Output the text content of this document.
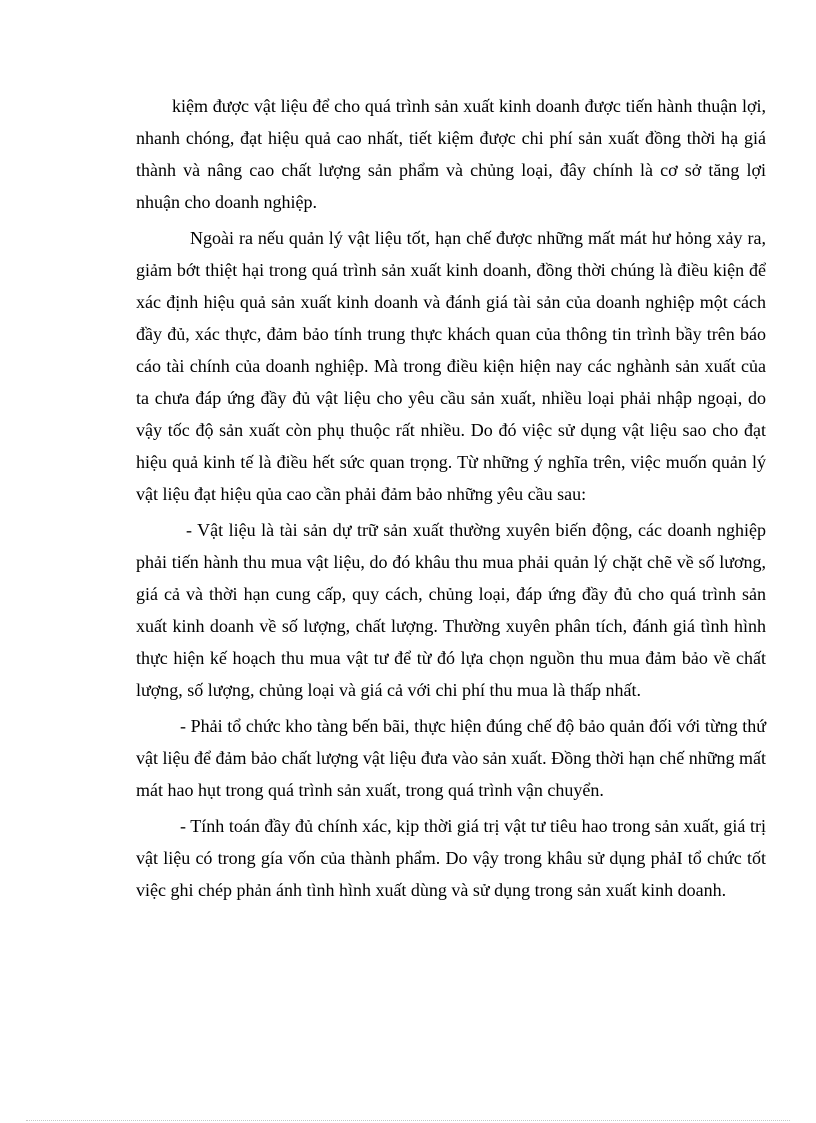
kiệm được vật liệu để cho quá trình sản xuất kinh doanh được tiến hành thuận lợi, nhanh chóng, đạt hiệu quả cao nhất, tiết kiệm được chi phí sản xuất đồng thời hạ giá thành và nâng cao chất lượng sản phẩm và chủng loại, đây chính là cơ sở tăng lợi nhuận cho doanh nghiệp.

Ngoài ra nếu quản lý vật liệu tốt, hạn chế được những mất mát hư hỏng xảy ra, giảm bớt thiệt hại trong quá trình sản xuất kinh doanh, đồng thời chúng là điều kiện để xác định hiệu quả sản xuất kinh doanh và đánh giá tài sản của doanh nghiệp một cách đầy đủ, xác thực, đảm bảo tính trung thực khách quan của thông tin trình bầy trên báo cáo tài chính của doanh nghiệp. Mà trong điều kiện hiện nay các nghành sản xuất của ta chưa đáp ứng đầy đủ vật liệu cho yêu cầu sản xuất, nhiều loại phải nhập ngoại, do vậy tốc độ sản xuất còn phụ thuộc rất nhiều. Do đó việc sử dụng vật liệu sao cho đạt hiệu quả kinh tế là điều hết sức quan trọng. Từ những ý nghĩa trên, việc muốn quản lý vật liệu đạt hiệu qủa cao cần phải đảm bảo những yêu cầu sau:

- Vật liệu là tài sản dự trữ sản xuất thường xuyên biến động, các doanh nghiệp phải tiến hành thu mua vật liệu, do đó khâu thu mua phải quản lý chặt chẽ về số lương, giá cả và thời hạn cung cấp, quy cách, chủng loại, đáp ứng đầy đủ cho quá trình sản xuất kinh doanh về số lượng, chất lượng. Thường xuyên phân tích, đánh giá tình hình thực hiện kế hoạch thu mua vật tư để từ đó lựa chọn nguồn thu mua đảm bảo về chất lượng, số lượng, chủng loại và giá cả với chi phí thu mua là thấp nhất.

- Phải tổ chức kho tàng bến bãi, thực hiện đúng chế độ bảo quản đối với từng thứ vật liệu để đảm bảo chất lượng vật liệu đưa vào sản xuất. Đồng thời hạn chế những mất mát hao hụt trong quá trình sản xuất, trong quá trình vận chuyển.

- Tính toán đầy đủ chính xác, kịp thời giá trị vật tư tiêu hao trong sản xuất, giá trị vật liệu có trong gía vốn của thành phẩm. Do vậy trong khâu sử dụng phảI tổ chức tốt việc ghi chép phản ánh tình hình xuất dùng và sử dụng trong sản xuất kinh doanh.
